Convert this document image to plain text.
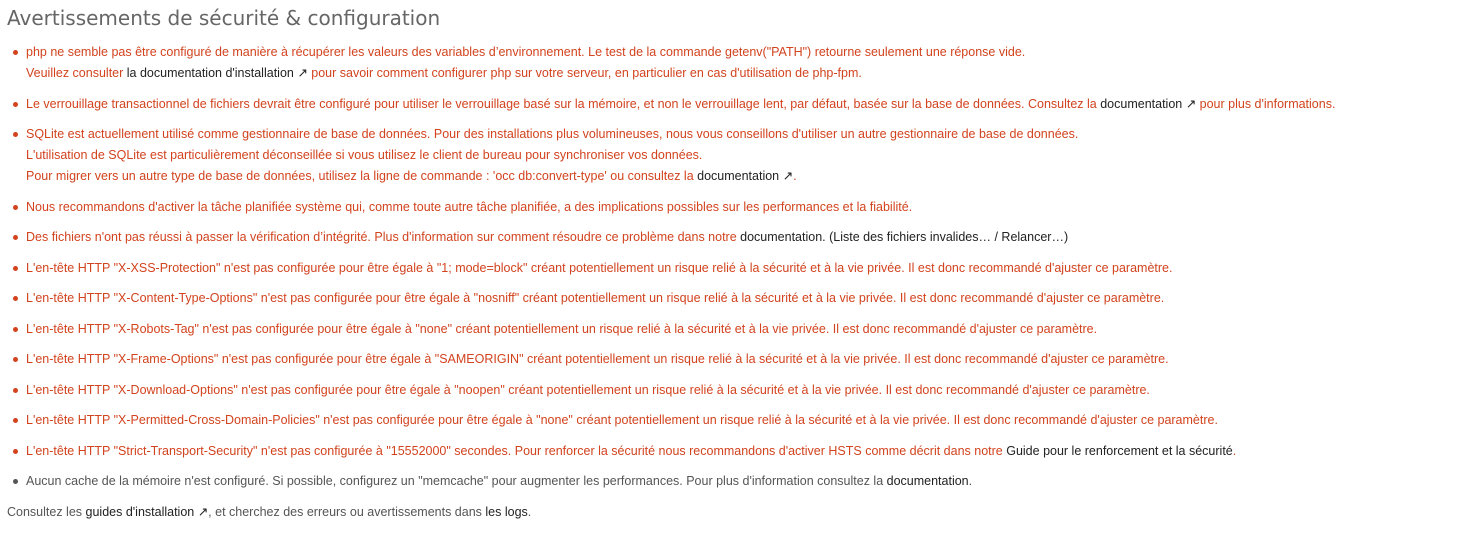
Avertissements de sécurité & configuration
php ne semble pas être configuré de manière à récupérer les valeurs des variables d’environnement. Le test de la commande getenv("PATH") retourne seulement une réponse vide.
Veuillez consulter la documentation d'installation ↗ pour savoir comment configurer php sur votre serveur, en particulier en cas d'utilisation de php-fpm.
Le verrouillage transactionnel de fichiers devrait être configuré pour utiliser le verrouillage basé sur la mémoire, et non le verrouillage lent, par défaut, basée sur la base de données. Consultez la documentation ↗ pour plus d'informations.
SQLite est actuellement utilisé comme gestionnaire de base de données. Pour des installations plus volumineuses, nous vous conseillons d'utiliser un autre gestionnaire de base de données.
L'utilisation de SQLite est particulièrement déconseillée si vous utilisez le client de bureau pour synchroniser vos données.
Pour migrer vers un autre type de base de données, utilisez la ligne de commande : 'occ db:convert-type' ou consultez la documentation ↗.
Nous recommandons d'activer la tâche planifiée système qui, comme toute autre tâche planifiée, a des implications possibles sur les performances et la fiabilité.
Des fichiers n'ont pas réussi à passer la vérification d’intégrité. Plus d'information sur comment résoudre ce problème dans notre documentation. (Liste des fichiers invalides… / Relancer…)
L'en-tête HTTP "X-XSS-Protection" n'est pas configurée pour être égale à "1; mode=block" créant potentiellement un risque relié à la sécurité et à la vie privée. Il est donc recommandé d'ajuster ce paramètre.
L'en-tête HTTP "X-Content-Type-Options" n'est pas configurée pour être égale à "nosniff" créant potentiellement un risque relié à la sécurité et à la vie privée. Il est donc recommandé d'ajuster ce paramètre.
L'en-tête HTTP "X-Robots-Tag" n'est pas configurée pour être égale à "none" créant potentiellement un risque relié à la sécurité et à la vie privée. Il est donc recommandé d'ajuster ce paramètre.
L'en-tête HTTP "X-Frame-Options" n'est pas configurée pour être égale à "SAMEORIGIN" créant potentiellement un risque relié à la sécurité et à la vie privée. Il est donc recommandé d'ajuster ce paramètre.
L'en-tête HTTP "X-Download-Options" n'est pas configurée pour être égale à "noopen" créant potentiellement un risque relié à la sécurité et à la vie privée. Il est donc recommandé d'ajuster ce paramètre.
L'en-tête HTTP "X-Permitted-Cross-Domain-Policies" n'est pas configurée pour être égale à "none" créant potentiellement un risque relié à la sécurité et à la vie privée. Il est donc recommandé d'ajuster ce paramètre.
L'en-tête HTTP "Strict-Transport-Security" n'est pas configurée à "15552000" secondes. Pour renforcer la sécurité nous recommandons d'activer HSTS comme décrit dans notre Guide pour le renforcement et la sécurité.
Aucun cache de la mémoire n'est configuré. Si possible, configurez un "memcache" pour augmenter les performances. Pour plus d'information consultez la documentation.

Consultez les guides d'installation ↗, et cherchez des erreurs ou avertissements dans les logs.
